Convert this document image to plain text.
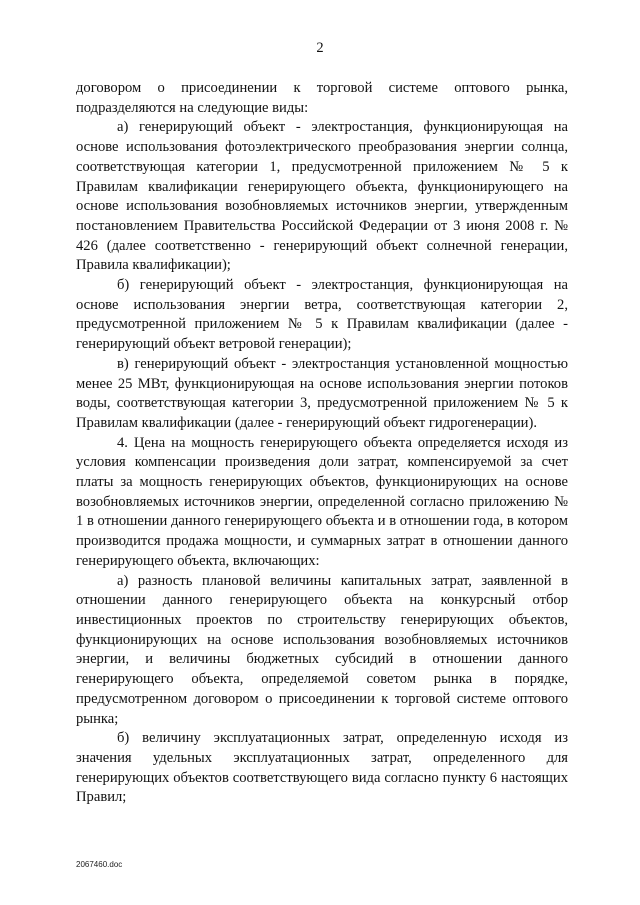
2

договором о присоединении к торговой системе оптового рынка, подразделяются на следующие виды:

а) генерирующий объект - электростанция, функционирующая на основе использования фотоэлектрического преобразования энергии солнца, соответствующая категории 1, предусмотренной приложением № 5 к Правилам квалификации генерирующего объекта, функционирующего на основе использования возобновляемых источников энергии, утвержденным постановлением Правительства Российской Федерации от 3 июня 2008 г. № 426 (далее соответственно - генерирующий объект солнечной генерации, Правила квалификации);

б) генерирующий объект - электростанция, функционирующая на основе использования энергии ветра, соответствующая категории 2, предусмотренной приложением № 5 к Правилам квалификации (далее - генерирующий объект ветровой генерации);

в) генерирующий объект - электростанция установленной мощностью менее 25 МВт, функционирующая на основе использования энергии потоков воды, соответствующая категории 3, предусмотренной приложением № 5 к Правилам квалификации (далее - генерирующий объект гидрогенерации).

4. Цена на мощность генерирующего объекта определяется исходя из условия компенсации произведения доли затрат, компенсируемой за счет платы за мощность генерирующих объектов, функционирующих на основе возобновляемых источников энергии, определенной согласно приложению № 1 в отношении данного генерирующего объекта и в отношении года, в котором производится продажа мощности, и суммарных затрат в отношении данного генерирующего объекта, включающих:

а) разность плановой величины капитальных затрат, заявленной в отношении данного генерирующего объекта на конкурсный отбор инвестиционных проектов по строительству генерирующих объектов, функционирующих на основе использования возобновляемых источников энергии, и величины бюджетных субсидий в отношении данного генерирующего объекта, определяемой советом рынка в порядке, предусмотренном договором о присоединении к торговой системе оптового рынка;

б) величину эксплуатационных затрат, определенную исходя из значения удельных эксплуатационных затрат, определенного для генерирующих объектов соответствующего вида согласно пункту 6 настоящих Правил;

2067460.doc
